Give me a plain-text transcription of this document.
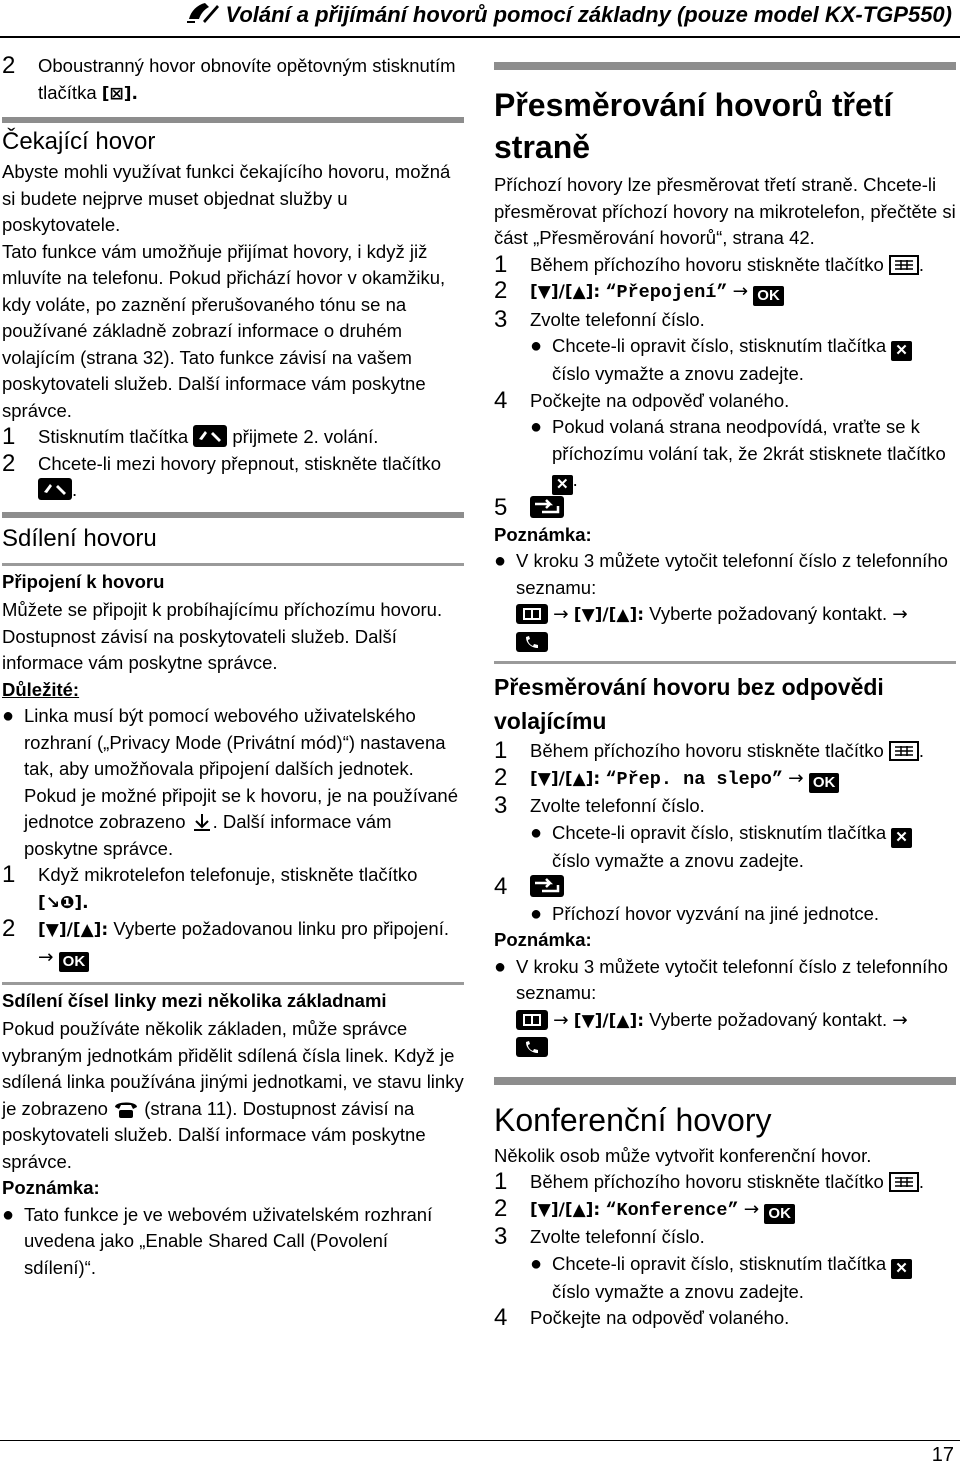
Volání a přijímání hovorů pomocí základny (pouze model KX-TGP550)
2	Oboustranný hovor obnovíte opětovným stisknutím tlačítka [⊠].
Čekající hovor

Abyste mohli využívat funkci čekajícího hovoru, možná si budete nejprve muset objednat služby u poskytovatele.

Tato funkce vám umožňuje přijímat hovory, i když již mluvíte na telefonu. Pokud přichází hovor v okamžiku, kdy voláte, po zaznění přerušovaného tónu se na používané základně zobrazí informace o druhém volajícím (strana 32). Tato funkce závisí na vašem poskytovateli služeb. Další informace vám poskytne správce.

1	Stisknutím tlačítka přijmete 2. volání.
2	Chcete-li mezi hovory přepnout, stiskněte tlačítko
.
Sdílení hovoru

Připojení k hovoru

Můžete se připojit k probíhajícímu příchozímu hovoru. Dostupnost závisí na poskytovateli služeb. Další informace vám poskytne správce.

Důležité:

● Linka musí být pomocí webového uživatelského rozhraní („Privacy Mode (Privátní mód)“) nastavena tak, aby umožňovala připojení dalších jednotek. Pokud je možné připojit se k hovoru, je na používané jednotce zobrazeno . Další informace vám poskytne správce.
1	Když mikrotelefon telefonuje, stiskněte tlačítko
[↘❶].
2	[▼]/[▲]: Vyberte požadovanou linku pro připojení.
→ OK

Sdílení čísel linky mezi několika základnami

Pokud používáte několik základen, může správce vybraným jednotkám přidělit sdílená čísla linek. Když je sdílená linka používána jinými jednotkami, ve stavu linky je zobrazeno (strana 11). Dostupnost závisí na poskytovateli služeb. Další informace vám poskytne správce.

Poznámka:

● Tato funkce je ve webovém uživatelském rozhraní uvedena jako „Enable Shared Call (Povolení sdílení)“.
Přesměrování hovorů třetí straně

Příchozí hovory lze přesměrovat třetí straně. Chcete-li přesměrovat příchozí hovory na mikrotelefon, přečtěte si část „Přesměrování hovorů“, strana 42.

1	Během příchozího hovoru stiskněte tlačítko .
2	[▼]/[▲]: “Přepojení” → OK
3	Zvolte telefonní číslo.
● Chcete-li opravit číslo, stisknutím tlačítka ✕
číslo vymažte a znovu zadejte.
4	Počkejte na odpověď volaného.
● Pokud volaná strana neodpovídá, vraťte se k příchozímu volání tak, že 2krát stisknete tlačítko ✕ .
5

Poznámka:

● V kroku 3 můžete vytočit telefonní číslo z telefonního seznamu:
→ [▼]/[▲]: Vyberte požadovaný kontakt. →

Přesměrování hovoru bez odpovědi volajícímu
1	Během příchozího hovoru stiskněte tlačítko .
2	[▼]/[▲]: “Přep. na slepo” → OK
3	Zvolte telefonní číslo.
● Chcete-li opravit číslo, stisknutím tlačítka ✕
číslo vymažte a znovu zadejte.
4
● Příchozí hovor vyzvání na jiné jednotce.

Poznámka:

● V kroku 3 můžete vytočit telefonní číslo z telefonního seznamu:
→ [▼]/[▲]: Vyberte požadovaný kontakt. →

Konferenční hovory

Několik osob může vytvořit konferenční hovor.

1	Během příchozího hovoru stiskněte tlačítko .
2	[▼]/[▲]: “Konference” → OK
3	Zvolte telefonní číslo.
● Chcete-li opravit číslo, stisknutím tlačítka ✕
číslo vymažte a znovu zadejte.
4	Počkejte na odpověď volaného.
17
